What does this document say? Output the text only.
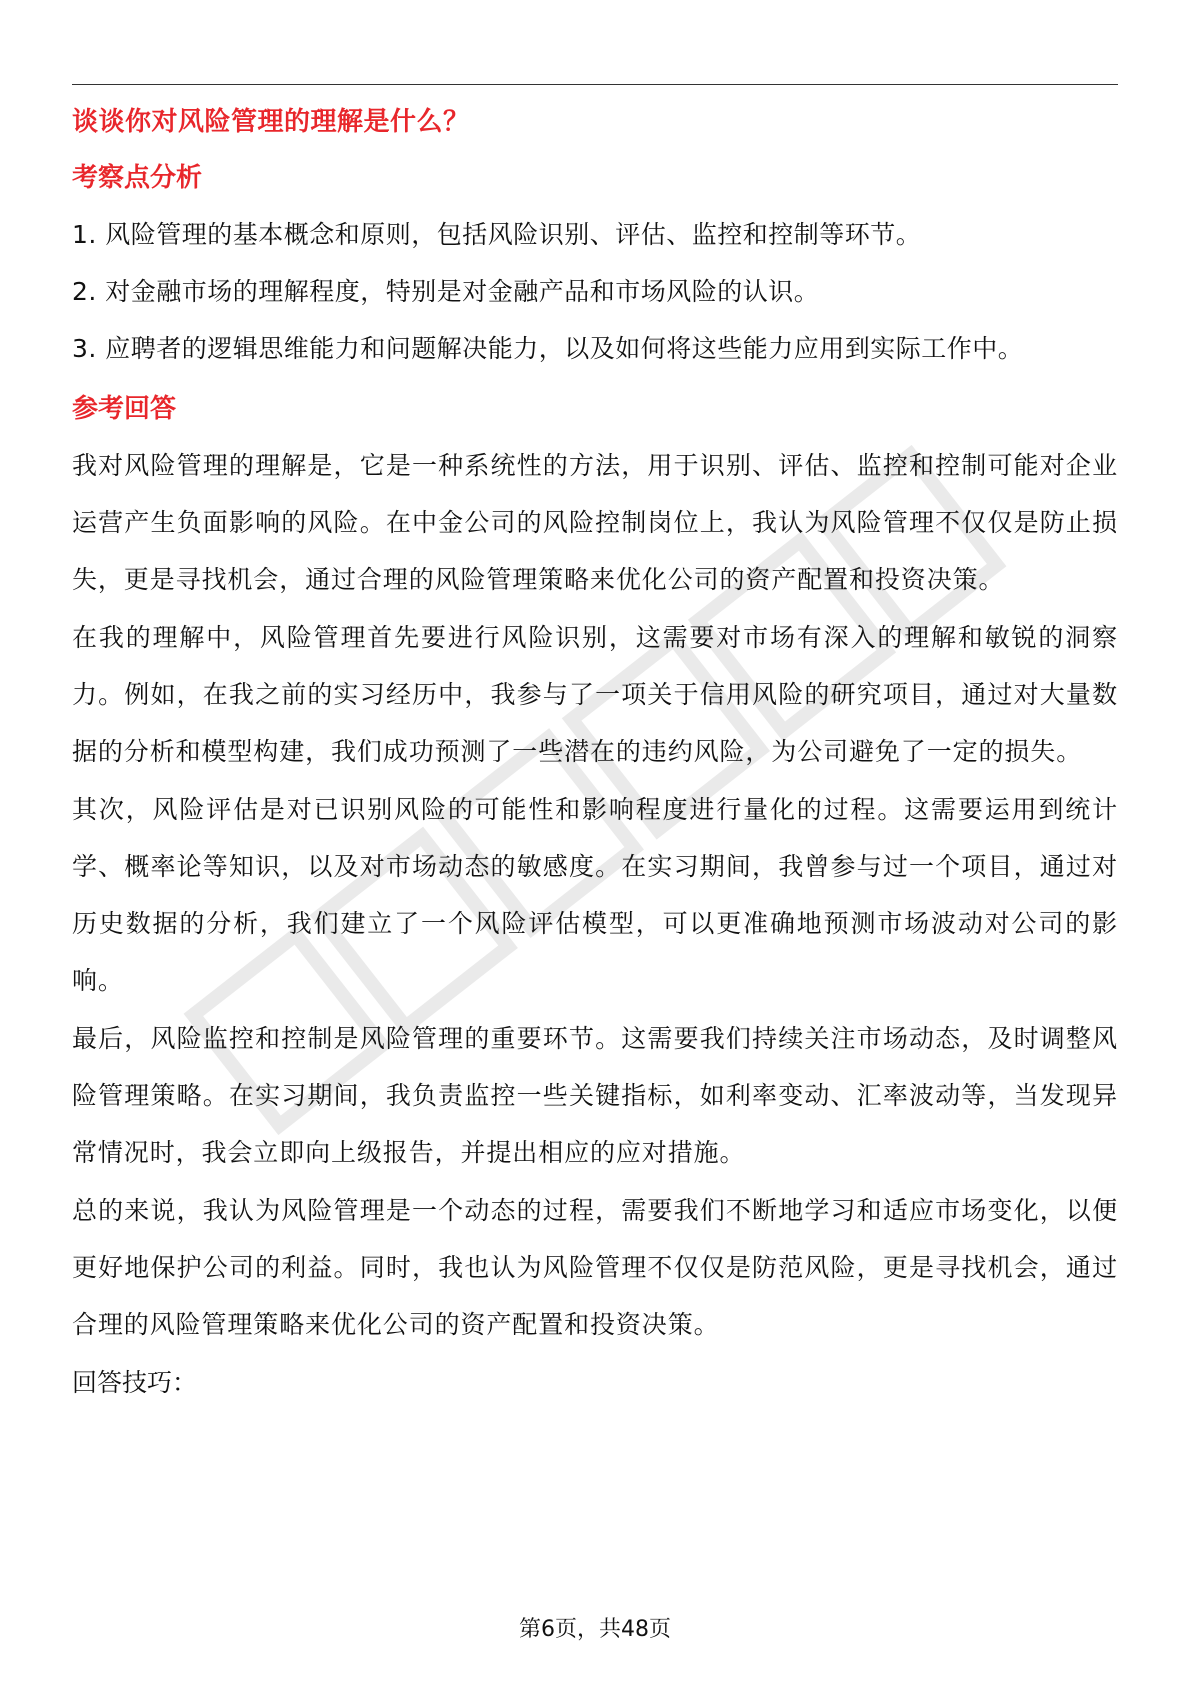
谈谈你对风险管理的理解是什么？
考察点分析

1. 风险管理的基本概念和原则，包括风险识别、评估、监控和控制等环节。

2. 对金融市场的理解程度，特别是对金融产品和市场风险的认识。

3. 应聘者的逻辑思维能力和问题解决能力，以及如何将这些能力应用到实际工作中。

参考回答

我对风险管理的理解是，它是一种系统性的方法，用于识别、评估、监控和控制可能对企业运营产生负面影响的风险。在中金公司的风险控制岗位上，我认为风险管理不仅仅是防止损失，更是寻找机会，通过合理的风险管理策略来优化公司的资产配置和投资决策。

在我的理解中，风险管理首先要进行风险识别，这需要对市场有深入的理解和敏锐的洞察力。例如，在我之前的实习经历中，我参与了一项关于信用风险的研究项目，通过对大量数据的分析和模型构建，我们成功预测了一些潜在的违约风险，为公司避免了一定的损失。

其次，风险评估是对已识别风险的可能性和影响程度进行量化的过程。这需要运用到统计学、概率论等知识，以及对市场动态的敏感度。在实习期间，我曾参与过一个项目，通过对历史数据的分析，我们建立了一个风险评估模型，可以更准确地预测市场波动对公司的影响。

最后，风险监控和控制是风险管理的重要环节。这需要我们持续关注市场动态，及时调整风险管理策略。在实习期间，我负责监控一些关键指标，如利率变动、汇率波动等，当发现异常情况时，我会立即向上级报告，并提出相应的应对措施。

总的来说，我认为风险管理是一个动态的过程，需要我们不断地学习和适应市场变化，以便更好地保护公司的利益。同时，我也认为风险管理不仅仅是防范风险，更是寻找机会，通过合理的风险管理策略来优化公司的资产配置和投资决策。

回答技巧：

第6页，共48页
